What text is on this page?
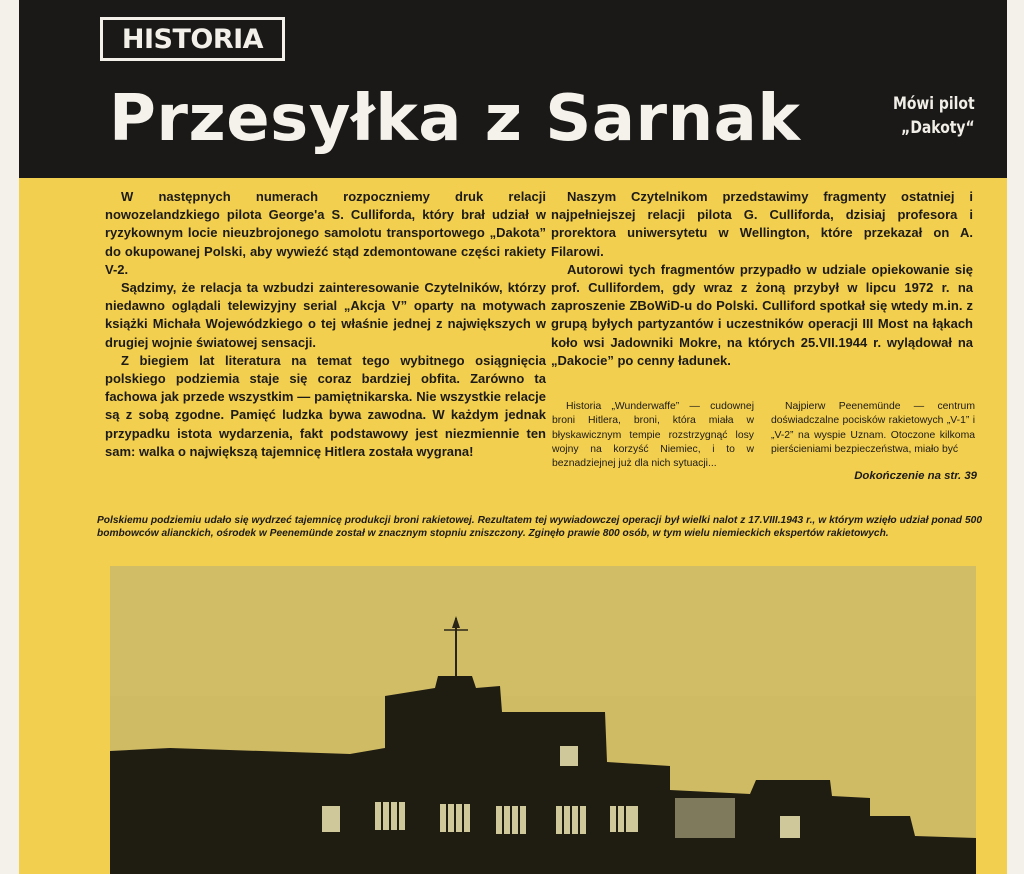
HISTORIA
Przesyłka z Sarnak	Mówi pilot
„Dakoty“

W następnych numerach rozpoczniemy druk relacji nowozelandzkiego pilota George'a S. Culliforda, który brał udział w ryzykownym locie nieuzbrojonego samolotu transportowego „Dakota” do okupowanej Polski, aby wywieźć stąd zdemontowane części rakiety V-2.

Sądzimy, że relacja ta wzbudzi zainteresowanie Czytelników, którzy niedawno oglądali telewizyjny serial „Akcja V” oparty na motywach książki Michała Wojewódzkiego o tej właśnie jednej z największych w drugiej wojnie światowej sensacji.

Z biegiem lat literatura na temat tego wybitnego osiągnięcia polskiego podziemia staje się coraz bardziej obfita. Zarówno ta fachowa jak przede wszystkim — pamiętnikarska. Nie wszystkie relacje są z sobą zgodne. Pamięć ludzka bywa zawodna. W każdym jednak przypadku istota wydarzenia, fakt podstawowy jest niezmiennie ten sam: walka o największą tajemnicę Hitlera została wygrana!

Naszym Czytelnikom przedstawimy fragmenty ostatniej i najpełniejszej relacji pilota G. Culliforda, dzisiaj profesora i prorektora uniwersytetu w Wellington, które przekazał on A. Filarowi.

Autorowi tych fragmentów przypadło w udziale opiekowanie się prof. Cullifordem, gdy wraz z żoną przybył w lipcu 1972 r. na zaproszenie ZBoWiD-u do Polski. Culliford spotkał się wtedy m.in. z grupą byłych partyzantów i uczestników operacji III Most na łąkach koło wsi Jadowniki Mokre, na których 25.VII.1944 r. wylądował na „Dakocie” po cenny ładunek.

Historia „Wunderwaffe” — cudownej broni Hitlera, broni, która miała w błyskawicznym tempie rozstrzygnąć losy wojny na korzyść Niemiec, i to w beznadziejnej już dla nich sytuacji...
Najpierw Peenemünde — centrum doświadczalne pocisków rakietowych „V-1” i „V-2” na wyspie Uznam. Otoczone kilkoma pierścieniami bezpieczeństwa, miało być
Dokończenie na str. 39
Polskiemu podziemiu udało się wydrzeć tajemnicę produkcji broni rakietowej. Rezultatem tej wywiadowczej operacji był wielki nalot z 17.VIII.1943 r., w którym wzięło udział ponad 500 bombowców alianckich, ośrodek w Peenemünde został w znacznym stopniu zniszczony. Zginęło prawie 800 osób, w tym wielu niemieckich ekspertów rakietowych.
